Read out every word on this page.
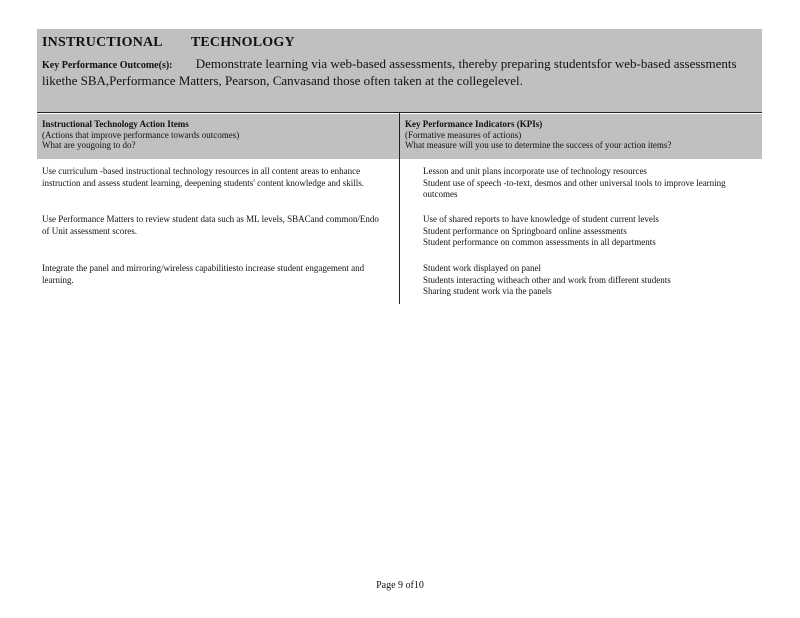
INSTRUCTIONAL TECHNOLOGY
Key Performance Outcome(s): Demonstrate learning via web-based assessments, thereby preparing studentsfor web-based assessments likethe SBA,Performance Matters, Pearson, Canvasand those often taken at the collegelevel.
Instructional Technology Action Items
(Actions that improve performance towards outcomes)
What are yougoing to do?
Key Performance Indicators (KPIs)
(Formative measures of actions)
What measure will you use to determine the success of your action items?
Use curriculum -based instructional technology resources in all content areas to enhance instruction and assess student learning, deepening students' content knowledge and skills.
Lesson and unit plans incorporate use of technology resources
Student use of speech -to-text, desmos and other universal tools to improve learning outcomes
Use Performance Matters to review student data such as ML levels, SBACand common/Endo of Unit assessment scores.
Use of shared reports to have knowledge of student current levels
Student performance on Springboard online assessments
Student performance on common assessments in all departments
Integrate the panel and mirroring/wireless capabilitiesto increase student engagement and learning.
Student work displayed on panel
Students interacting witheach other and work from different students
Sharing student work via the panels
Page 9 of10
